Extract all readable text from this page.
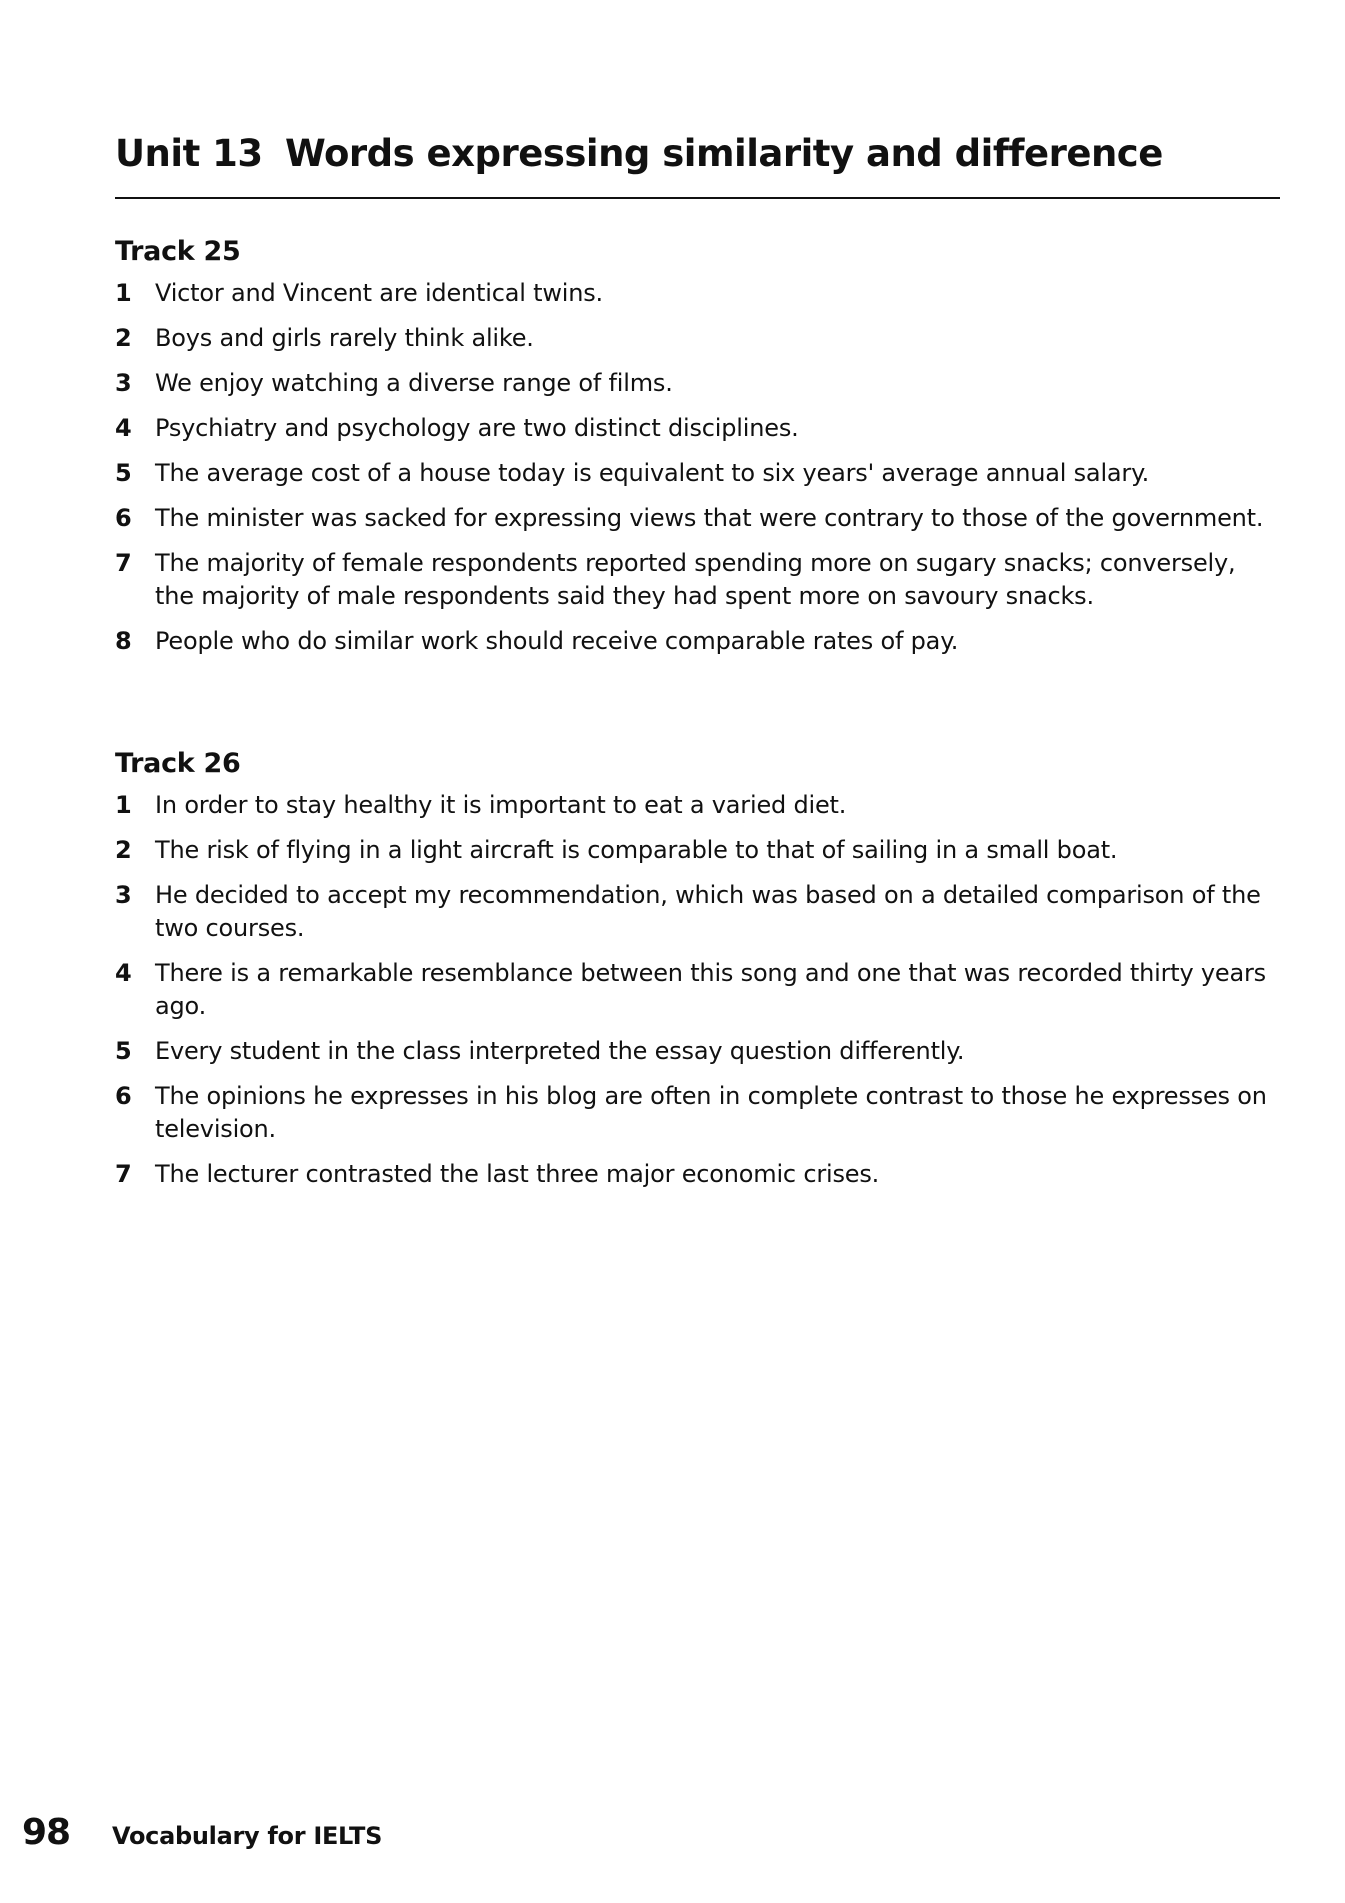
Unit 13 Words expressing similarity and difference
Track 25
1 Victor and Vincent are identical twins.
2 Boys and girls rarely think alike.
3 We enjoy watching a diverse range of films.
4 Psychiatry and psychology are two distinct disciplines.
5 The average cost of a house today is equivalent to six years' average annual salary.
6 The minister was sacked for expressing views that were contrary to those of the government.
7 The majority of female respondents reported spending more on sugary snacks; conversely, the majority of male respondents said they had spent more on savoury snacks.
8 People who do similar work should receive comparable rates of pay.
Track 26
1 In order to stay healthy it is important to eat a varied diet.
2 The risk of flying in a light aircraft is comparable to that of sailing in a small boat.
3 He decided to accept my recommendation, which was based on a detailed comparison of the two courses.
4 There is a remarkable resemblance between this song and one that was recorded thirty years ago.
5 Every student in the class interpreted the essay question differently.
6 The opinions he expresses in his blog are often in complete contrast to those he expresses on television.
7 The lecturer contrasted the last three major economic crises.
98	Vocabulary for IELTS
